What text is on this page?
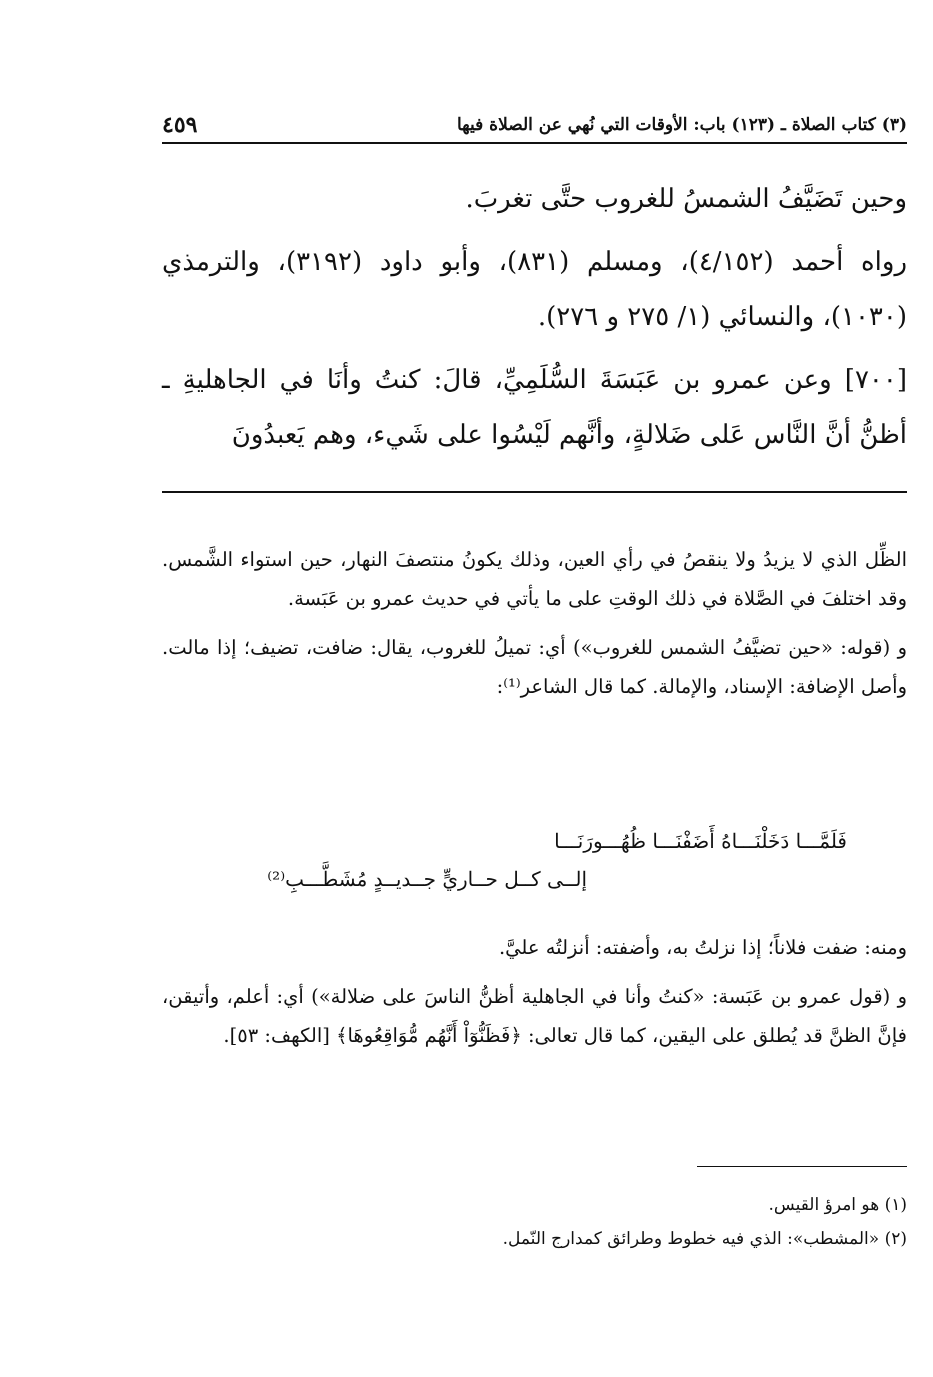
(٣) كتاب الصلاة ـ (١٢٣) باب: الأوقات التي نُهي عن الصلاة فيها
٤٥٩

وحين تَضَيَّفُ الشمسُ للغروب حتَّى تغربَ.

رواه أحمد (٤/١٥٢)، ومسلم (٨٣١)، وأبو داود (٣١٩٢)، والترمذي (١٠٣٠)، والنسائي (١/ ٢٧٥ و ٢٧٦).

[٧٠٠] وعن عمرو بن عَبَسَةَ السُّلَمِيِّ، قالَ: كنتُ وأنَا في الجاهليةِ ـ أظنُّ أنَّ النَّاس عَلى ضَلالةٍ، وأنَّهم لَيْسُوا على شَيء، وهم يَعبدُونَ

الظِّل الذي لا يزيدُ ولا ينقصُ في رأي العين، وذلك يكونُ منتصفَ النهار، حين استواء الشَّمس. وقد اختلفَ في الصَّلاة في ذلك الوقتِ على ما يأتي في حديث عمرو بن عَبَسة.

و (قوله: «حين تضيَّفُ الشمس للغروب») أي: تميلُ للغروب، يقال: ضافت، تضيف؛ إذا مالت. وأصل الإضافة: الإسناد، والإمالة. كما قال الشاعر⁽¹⁾:

فَلَمَّـــا دَخَلْنَـــاهُ أَضَفْنَـــا ظُهُـــورَنَـــا
إلــى كــل حــاريٍّ جــديــدٍ مُشَطَّـــبِ⁽²⁾

ومنه: ضفت فلاناً؛ إذا نزلتُ به، وأضفته: أنزلتُه عليَّ.

و (قول عمرو بن عَبَسة: «كنتُ وأنا في الجاهلية أظنُّ الناسَ على ضلالة») أي: أعلم، وأتيقن، فإنَّ الظنَّ قد يُطلق على اليقين، كما قال تعالى: ﴿فَظَنُّوٓاْ أَنَّهُم مُّوَاقِعُوهَا﴾ [الكهف: ٥٣].

(١) هو امرؤ القيس.

(٢) «المشطب»: الذي فيه خطوط وطرائق كمدارج النّمل.
